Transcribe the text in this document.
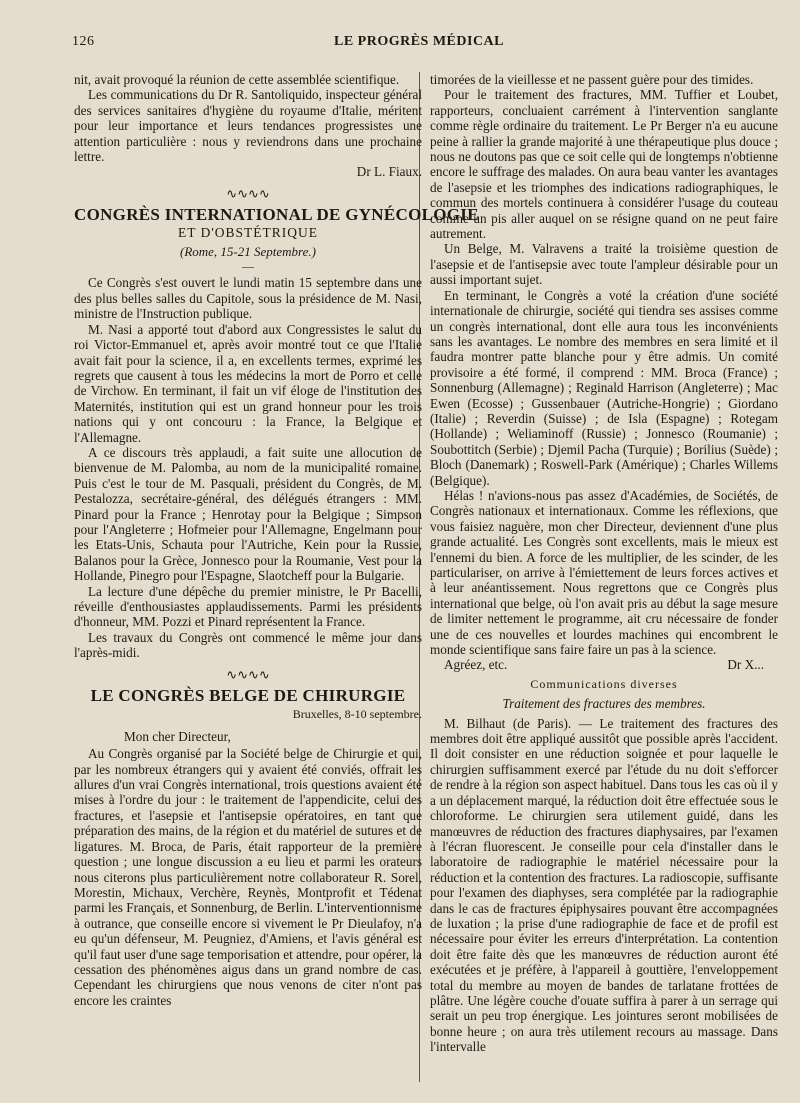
126	LE PROGRÈS MÉDICAL

nit, avait provoqué la réunion de cette assemblée scientifique.

Les communications du Dr R. Santoliquido, inspecteur général des services sanitaires d'hygiène du royaume d'Italie, méritent pour leur importance et leurs tendances progressistes une attention particulière : nous y reviendrons dans une prochaine lettre.

Dr L. Fiaux.
∿∿∿∿
CONGRÈS INTERNATIONAL DE GYNÉCOLOGIE
ET D'OBSTÉTRIQUE
(Rome, 15-21 Septembre.)
—

Ce Congrès s'est ouvert le lundi matin 15 septembre dans une des plus belles salles du Capitole, sous la présidence de M. Nasi, ministre de l'Instruction publique.

M. Nasi a apporté tout d'abord aux Congressistes le salut du roi Victor-Emmanuel et, après avoir montré tout ce que l'Italie avait fait pour la science, il a, en excellents termes, exprimé les regrets que causent à tous les médecins la mort de Porro et celle de Virchow. En terminant, il fait un vif éloge de l'institution des Maternités, institution qui est un grand honneur pour les trois nations qui y ont concouru : la France, la Belgique et l'Allemagne.

A ce discours très applaudi, a fait suite une allocution de bienvenue de M. Palomba, au nom de la municipalité romaine. Puis c'est le tour de M. Pasquali, président du Congrès, de M. Pestalozza, secrétaire-général, des délégués étrangers : MM. Pinard pour la France ; Henrotay pour la Belgique ; Simpson pour l'Angleterre ; Hofmeier pour l'Allemagne, Engelmann pour les Etats-Unis, Schauta pour l'Autriche, Kein pour la Russie, Balanos pour la Grèce, Jonnesco pour la Roumanie, Vest pour la Hollande, Pinegro pour l'Espagne, Slaotcheff pour la Bulgarie.

La lecture d'une dépêche du premier ministre, le Pr Bacelli, réveille d'enthousiastes applaudissements. Parmi les présidents d'honneur, MM. Pozzi et Pinard représentent la France.

Les travaux du Congrès ont commencé le même jour dans l'après-midi.

∿∿∿∿
LE CONGRÈS BELGE DE CHIRURGIE
Bruxelles, 8-10 septembre.

Mon cher Directeur,

Au Congrès organisé par la Société belge de Chirurgie et qui, par les nombreux étrangers qui y avaient été conviés, offrait les allures d'un vrai Congrès international, trois questions avaient été mises à l'ordre du jour : le traitement de l'appendicite, celui des fractures, et l'asepsie et l'antisepsie opératoires, en tant que préparation des mains, de la région et du matériel de sutures et de ligatures. M. Broca, de Paris, était rapporteur de la première question ; une longue discussion a eu lieu et parmi les orateurs nous citerons plus particulièrement notre collaborateur R. Sorel, Morestin, Michaux, Verchère, Reynès, Montprofit et Tédenat parmi les Français, et Sonnenburg, de Berlin. L'interventionnisme à outrance, que conseille encore si vivement le Pr Dieulafoy, n'a eu qu'un défenseur, M. Peugniez, d'Amiens, et l'avis général est qu'il faut user d'une sage temporisation et attendre, pour opérer, la cessation des phénomènes aigus dans un grand nombre de cas. Cependant les chirurgiens que nous venons de citer n'ont pas encore les craintes

timorées de la vieillesse et ne passent guère pour des timides.

Pour le traitement des fractures, MM. Tuffier et Loubet, rapporteurs, concluaient carrément à l'intervention sanglante comme règle ordinaire du traitement. Le Pr Berger n'a eu aucune peine à rallier la grande majorité à une thérapeutique plus douce ; nous ne doutons pas que ce soit celle qui de longtemps n'obtienne encore le suffrage des malades. On aura beau vanter les avantages de l'asepsie et les triomphes des indications radiographiques, le commun des mortels continuera à considérer l'usage du couteau comme un pis aller auquel on se résigne quand on ne peut faire autrement.

Un Belge, M. Valravens a traité la troisième question de l'asepsie et de l'antisepsie avec toute l'ampleur désirable pour un aussi important sujet.

En terminant, le Congrès a voté la création d'une société internationale de chirurgie, société qui tiendra ses assises comme un congrès international, dont elle aura tous les inconvénients sans les avantages. Le nombre des membres en sera limité et il faudra montrer patte blanche pour y être admis. Un comité provisoire a été formé, il comprend : MM. Broca (France) ; Sonnenburg (Allemagne) ; Reginald Harrison (Angleterre) ; Mac Ewen (Ecosse) ; Gussenbauer (Autriche-Hongrie) ; Giordano (Italie) ; Reverdin (Suisse) ; de Isla (Espagne) ; Rotegam (Hollande) ; Weliaminoff (Russie) ; Jonnesco (Roumanie) ; Soubottitch (Serbie) ; Djemil Pacha (Turquie) ; Borilius (Suède) ; Bloch (Danemark) ; Roswell-Park (Amérique) ; Charles Willems (Belgique).

Hélas ! n'avions-nous pas assez d'Académies, de Sociétés, de Congrès nationaux et internationaux. Comme les réflexions, que vous faisiez naguère, mon cher Directeur, deviennent d'une plus grande actualité. Les Congrès sont excellents, mais le mieux est l'ennemi du bien. A force de les multiplier, de les scinder, de les particulariser, on arrive à l'émiettement de leurs forces actives et à leur anéantissement. Nous regrettons que ce Congrès plus international que belge, où l'on avait pris au début la sage mesure de limiter nettement le programme, ait cru nécessaire de fonder une de ces nouvelles et lourdes machines qui encombrent le monde scientifique sans faire faire un pas à la science.

Agréez, etc.	Dr X...
Communications diverses
Traitement des fractures des membres.

M. Bilhaut (de Paris). — Le traitement des fractures des membres doit être appliqué aussitôt que possible après l'accident. Il doit consister en une réduction soignée et pour laquelle le chirurgien suffisamment exercé par l'étude du nu doit s'efforcer de rendre à la région son aspect habituel. Dans tous les cas où il y a un déplacement marqué, la réduction doit être effectuée sous le chloroforme. Le chirurgien sera utilement guidé, dans les manœuvres de réduction des fractures diaphysaires, par l'examen à l'écran fluorescent. Je conseille pour cela d'installer dans le laboratoire de radiographie le matériel nécessaire pour la réduction et la contention des fractures. La radioscopie, suffisante pour l'examen des diaphyses, sera complétée par la radiographie dans le cas de fractures épiphysaires pouvant être accompagnées de luxation ; la prise d'une radiographie de face et de profil est nécessaire pour éviter les erreurs d'interprétation. La contention doit être faite dès que les manœuvres de réduction auront été exécutées et je préfère, à l'appareil à gouttière, l'enveloppement total du membre au moyen de bandes de tarlatane frottées de plâtre. Une légère couche d'ouate suffira à parer à un serrage qui serait un peu trop énergique. Les jointures seront mobilisées de bonne heure ; on aura très utilement recours au massage. Dans l'intervalle
